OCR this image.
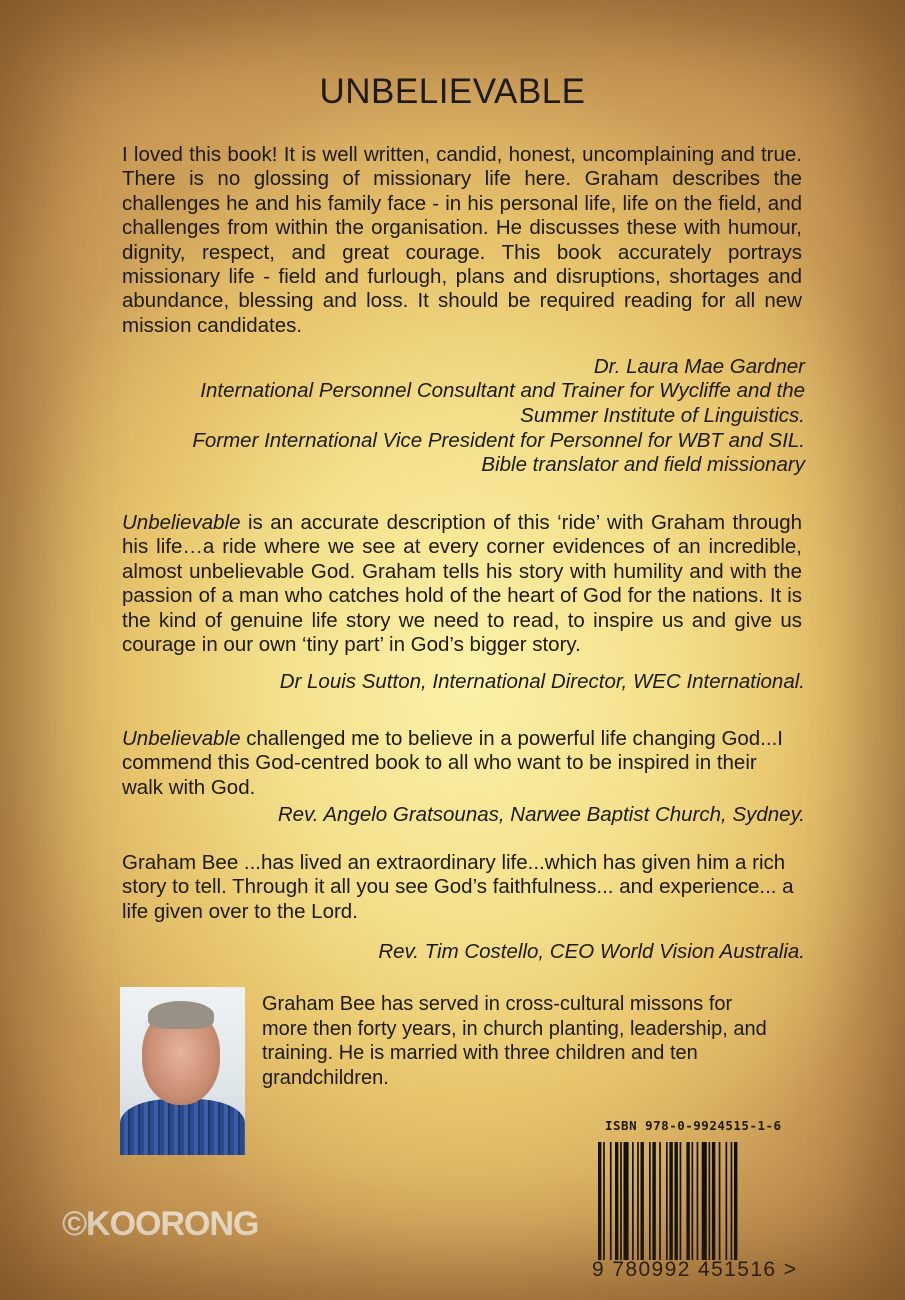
UNBELIEVABLE

I loved this book! It is well written, candid, honest, uncomplaining and true. There is no glossing of missionary life here. Graham describes the challenges he and his family face - in his personal life, life on the field, and challenges from within the organisation. He discusses these with humour, dignity, respect, and great courage. This book accurately portrays missionary life - field and furlough, plans and disruptions, shortages and abundance, blessing and loss. It should be required reading for all new mission candidates.

Dr. Laura Mae Gardner

International Personnel Consultant and Trainer for Wycliffe and the

Summer Institute of Linguistics.

Former International Vice President for Personnel for WBT and SIL.

Bible translator and field missionary

Unbelievable is an accurate description of this ‘ride’ with Graham through his life…a ride where we see at every corner evidences of an incredible, almost unbelievable God. Graham tells his story with humility and with the passion of a man who catches hold of the heart of God for the nations. It is the kind of genuine life story we need to read, to inspire us and give us courage in our own ‘tiny part’ in God’s bigger story.

Dr Louis Sutton, International Director, WEC International.

Unbelievable challenged me to believe in a powerful life changing God...I commend this God-centred book to all who want to be inspired in their walk with God.

Rev. Angelo Gratsounas, Narwee Baptist Church, Sydney.

Graham Bee ...has lived an extraordinary life...which has given him a rich story to tell. Through it all you see God’s faithfulness... and experience... a life given over to the Lord.

Rev. Tim Costello, CEO World Vision Australia.

Graham Bee has served in cross-cultural missons for more then forty years, in church planting, leadership, and training. He is married with three children and ten grandchildren.

ISBN 978-0-9924515-1-6
9 780992 451516 >
©KOORONG
